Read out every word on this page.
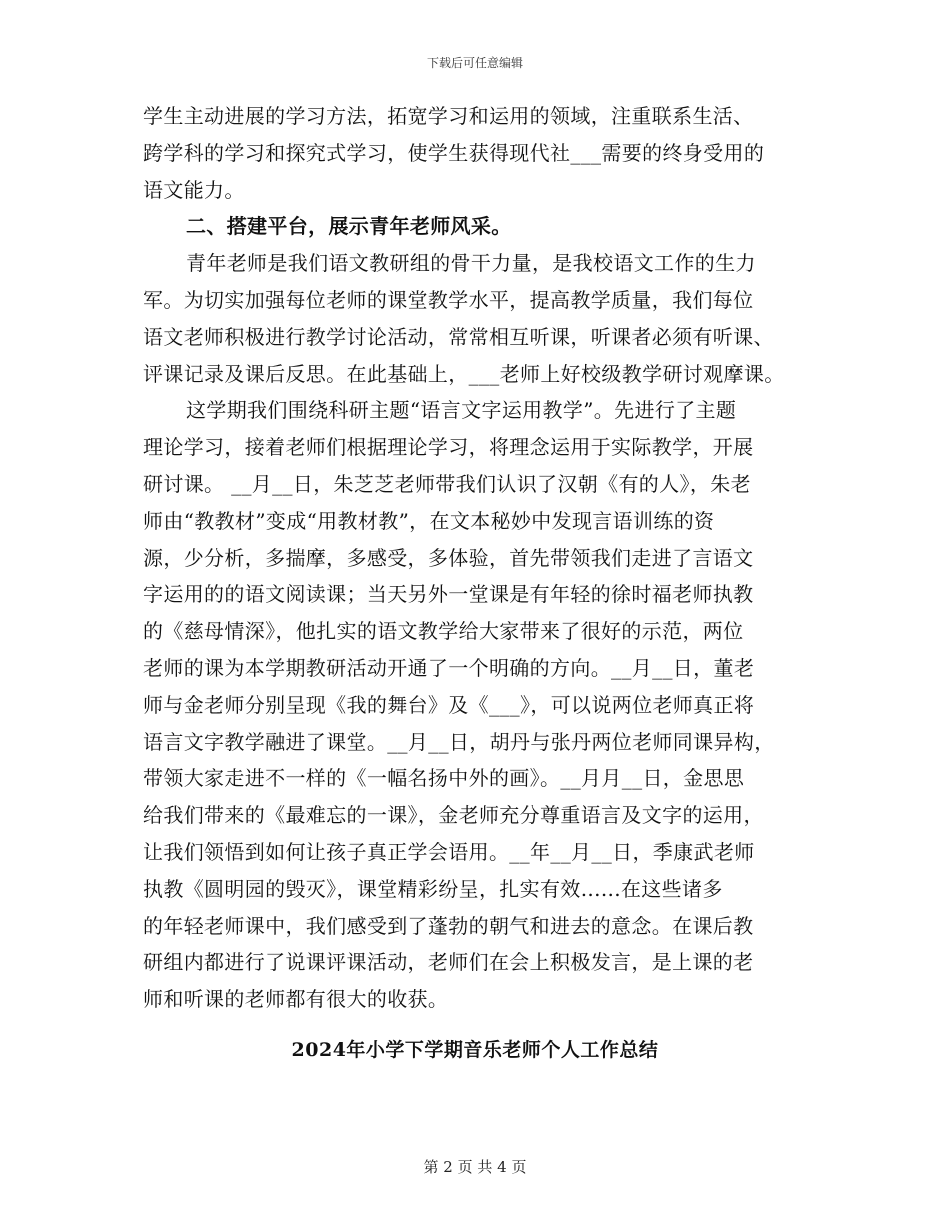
下载后可任意编辑

学生主动进展的学习方法，拓宽学习和运用的领域，注重联系生活、
跨学科的学习和探究式学习，使学生获得现代社___需要的终身受用的
语文能力。

二、搭建平台，展示青年老师风采。

青年老师是我们语文教研组的骨干力量，是我校语文工作的生力
军。为切实加强每位老师的课堂教学水平，提高教学质量，我们每位
语文老师积极进行教学讨论活动，常常相互听课，听课者必须有听课、
评课记录及课后反思。在此基础上，___老师上好校级教学研讨观摩课。

这学期我们围绕科研主题“语言文字运用教学”。先进行了主题
理论学习，接着老师们根据理论学习，将理念运用于实际教学，开展
研讨课。 __月__日，朱芝芝老师带我们认识了汉朝《有的人》，朱老
师由“教教材”变成“用教材教”，在文本秘妙中发现言语训练的资
源，少分析，多揣摩，多感受，多体验，首先带领我们走进了言语文
字运用的的语文阅读课；当天另外一堂课是有年轻的徐时福老师执教
的《慈母情深》，他扎实的语文教学给大家带来了很好的示范，两位
老师的课为本学期教研活动开通了一个明确的方向。__月__日，董老
师与金老师分别呈现《我的舞台》及《___》，可以说两位老师真正将
语言文字教学融进了课堂。__月__日，胡丹与张丹两位老师同课异构，
带领大家走进不一样的《一幅名扬中外的画》。__月月__日，金思思
给我们带来的《最难忘的一课》，金老师充分尊重语言及文字的运用，
让我们领悟到如何让孩子真正学会语用。__年__月__日，季康武老师
执教《圆明园的毁灭》，课堂精彩纷呈，扎实有效......在这些诸多
的年轻老师课中，我们感受到了蓬勃的朝气和进去的意念。在课后教
研组内都进行了说课评课活动，老师们在会上积极发言，是上课的老
师和听课的老师都有很大的收获。

2024年小学下学期音乐老师个人工作总结
第 2 页 共 4 页
